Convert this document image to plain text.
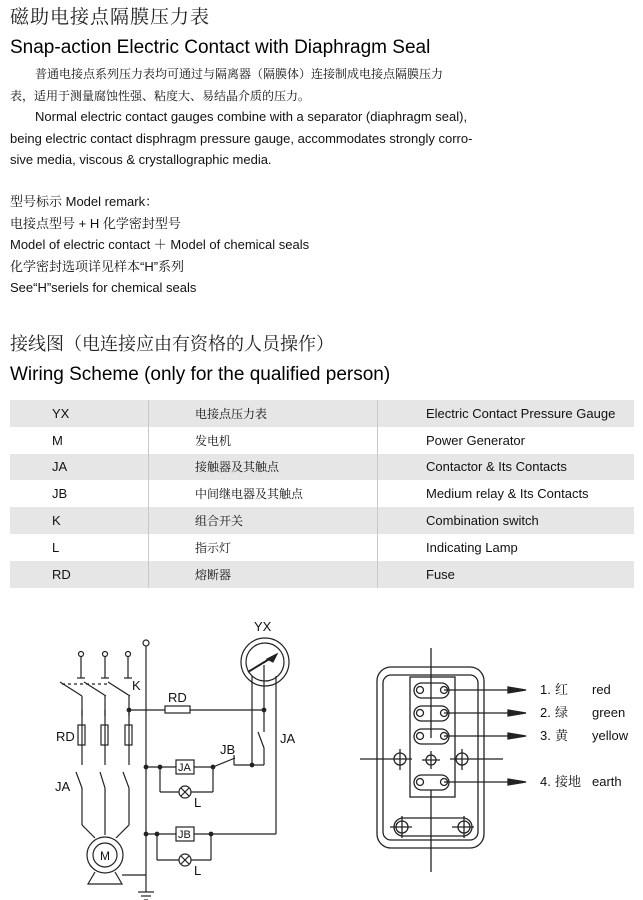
磁助电接点隔膜压力表
Snap-action Electric Contact with Diaphragm Seal
普通电接点系列压力表均可通过与隔离器（隔膜体）连接制成电接点隔膜压力
表，适用于测量腐蚀性强、粘度大、易结晶介质的压力。
Normal electric contact gauges combine with a separator (diaphragm seal),
being electric contact disphragm pressure gauge, accommodates strongly corro-
sive media, viscous & crystallographic media.
型号标示 Model remark：
电接点型号 + H 化学密封型号
Model of electric contact ＋ Model of chemical seals
化学密封选项详见样本“H”系列
See“H”seriels for chemical seals
接线图（电连接应由有资格的人员操作）
Wiring Scheme (only for the qualified person)
YX	电接点压力表	Electric Contact Pressure Gauge
M	发电机	Power Generator
JA	接触器及其触点	Contactor & Its Contacts
JB	中间继电器及其触点	Medium relay & Its Contacts
K	组合开关	Combination switch
L	指示灯	Indicating Lamp
RD	熔断器	Fuse
YX
K
RD
RD	JA
JB
JA
JA
JB
L
L
M
1. 红 red
2. 绿 green
3. 黄 yellow
4. 接地 earth
